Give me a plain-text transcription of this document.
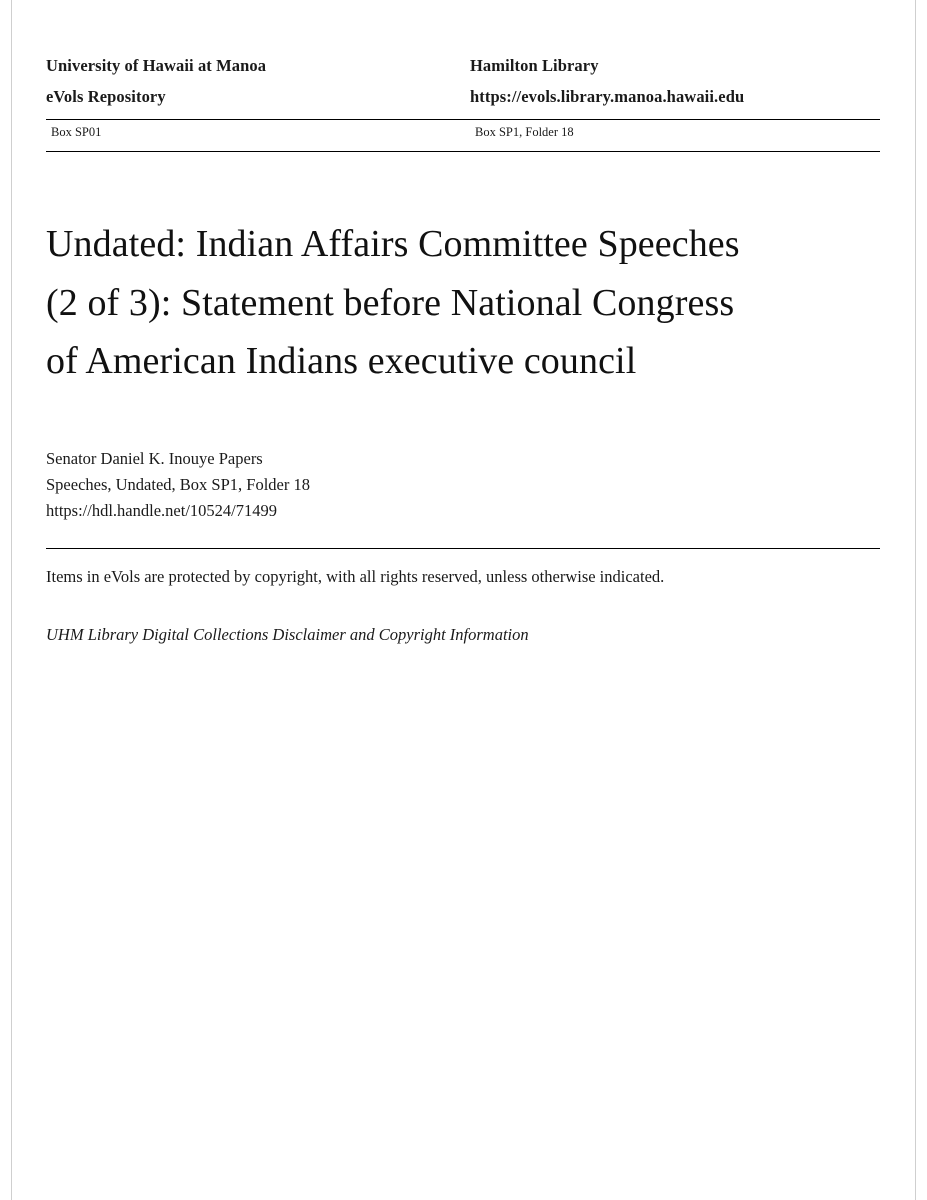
University of Hawaii at Manoa	Hamilton Library
eVols Repository	https://evols.library.manoa.hawaii.edu
Box SP01	Box SP1, Folder 18
Undated: Indian Affairs Committee Speeches (2 of 3): Statement before National Congress of American Indians executive council
Senator Daniel K. Inouye Papers
Speeches, Undated, Box SP1, Folder 18
https://hdl.handle.net/10524/71499
Items in eVols are protected by copyright, with all rights reserved, unless otherwise indicated.
UHM Library Digital Collections Disclaimer and Copyright Information
